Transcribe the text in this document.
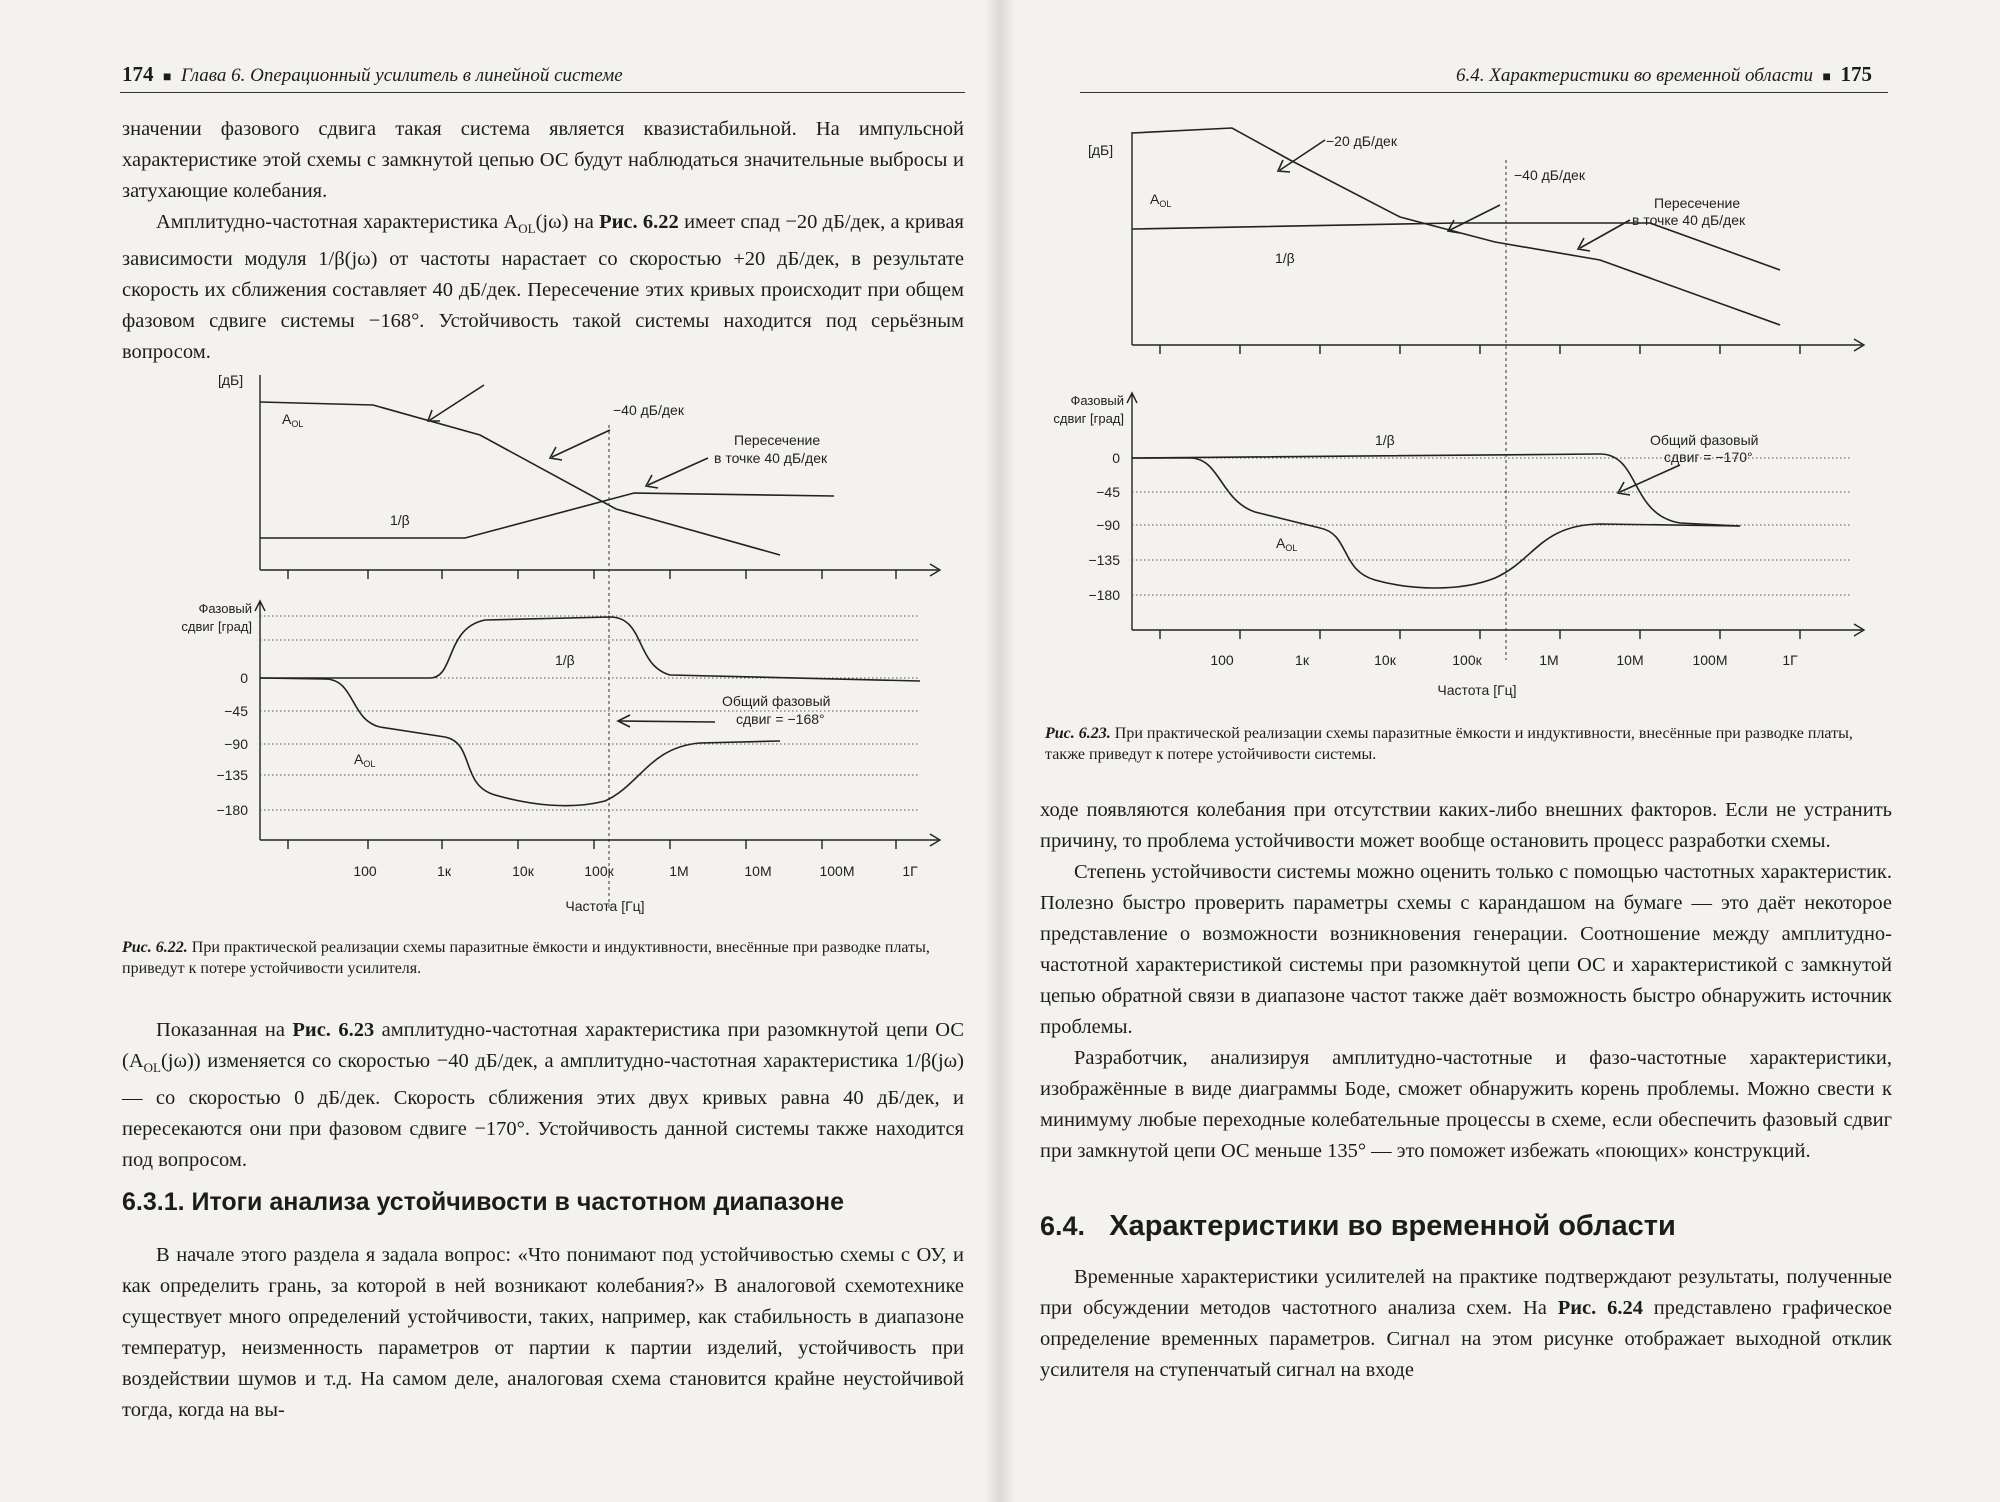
174 ■ Глава 6. Операционный усилитель в линейной системе

значении фазового сдвига такая система является квазистабильной. На импульсной характеристике этой схемы с замкнутой цепью ОС будут наблюдаться значительные выбросы и затухающие колебания.

Амплитудно-частотная характеристика $A_{OL}(j\omega)$ на Рис. 6.22 имеет спад −20 дБ/дек, а кривая зависимости модуля 1/β(jω) от частоты нарастает со скоростью +20 дБ/дек, в результате скорость их сближения составляет 40 дБ/дек. Пересечение этих кривых происходит при общем фазовом сдвиге системы −168°. Устойчивость такой системы находится под серьёзным вопросом.

[дБ]
$A_{OL}$
1/β
−40 дБ/дек
Пересечение
в точке 40 дБ/дек
Фазовый
сдвиг [град]
0
−45
−90
−135
−180
1/β
$A_{OL}$
Общий фазовый
сдвиг = −168°
100	1к	10к	100к	1М	10М	100М	1Г
Частота [Гц]
Рис. 6.22. При практической реализации схемы паразитные ёмкости и индуктивности, внесённые при разводке платы, приведут к потере устойчивости усилителя.

Показанная на Рис. 6.23 амплитудно-частотная характеристика при разомкнутой цепи ОС $(A_{OL}(j\omega))$ изменяется со скоростью −40 дБ/дек, а амплитудно-частотная характеристика 1/β(jω) — со скоростью 0 дБ/дек. Скорость сближения этих двух кривых равна 40 дБ/дек, и пересекаются они при фазовом сдвиге −170°. Устойчивость данной системы также находится под вопросом.

6.3.1. Итоги анализа устойчивости в частотном диапазоне

В начале этого раздела я задала вопрос: «Что понимают под устойчивостью схемы с ОУ, и как определить грань, за которой в ней возникают колебания?» В аналоговой схемотехнике существует много определений устойчивости, таких, например, как стабильность в диапазоне температур, неизменность параметров от партии к партии изделий, устойчивость при воздействии шумов и т.д. На самом деле, аналоговая схема становится крайне неустойчивой тогда, когда на вы-

6.4. Характеристики во временной области ■ 175
[дБ]
−20 дБ/дек
−40 дБ/дек
Пересечение
в точке 40 дБ/дек
$A_{OL}$
1/β
Фазовый
сдвиг [град]
0
−45
−90
−135
−180
1/β
$A_{OL}$
Общий фазовый
сдвиг = −170°
100	1к	10к	100к	1М	10М	100М	1Г
Частота [Гц]
Рис. 6.23. При практической реализации схемы паразитные ёмкости и индуктивности, внесённые при разводке платы, также приведут к потере устойчивости системы.

ходе появляются колебания при отсутствии каких-либо внешних факторов. Если не устранить причину, то проблема устойчивости может вообще остановить процесс разработки схемы.

Степень устойчивости системы можно оценить только с помощью частотных характеристик. Полезно быстро проверить параметры схемы с карандашом на бумаге — это даёт некоторое представление о возможности возникновения генерации. Соотношение между амплитудно-частотной характеристикой системы при разомкнутой цепи ОС и характеристикой с замкнутой цепью обратной связи в диапазоне частот также даёт возможность быстро обнаружить источник проблемы.

Разработчик, анализируя амплитудно-частотные и фазо-частотные характеристики, изображённые в виде диаграммы Боде, сможет обнаружить корень проблемы. Можно свести к минимуму любые переходные колебательные процессы в схеме, если обеспечить фазовый сдвиг при замкнутой цепи ОС меньше 135° — это поможет избежать «поющих» конструкций.

6.4. Характеристики во временной области

Временные характеристики усилителей на практике подтверждают результаты, полученные при обсуждении методов частотного анализа схем. На Рис. 6.24 представлено графическое определение временных параметров. Сигнал на этом рисунке отображает выходной отклик усилителя на ступенчатый сигнал на входе
